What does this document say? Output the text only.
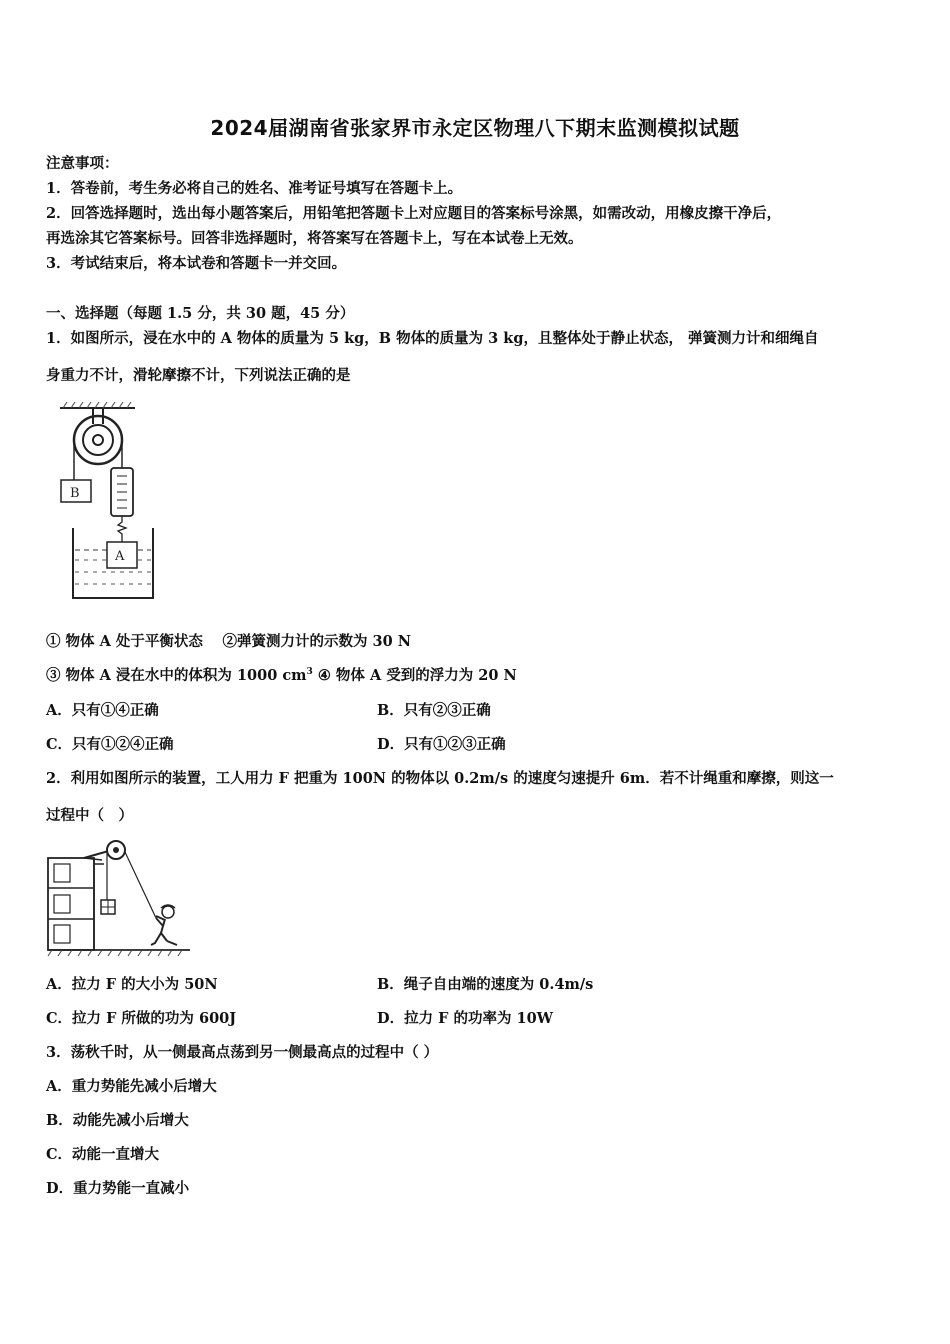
2024届湖南省张家界市永定区物理八下期末监测模拟试题
注意事项：
1．答卷前，考生务必将自己的姓名、准考证号填写在答题卡上。
2．回答选择题时，选出每小题答案后，用铅笔把答题卡上对应题目的答案标号涂黑，如需改动，用橡皮擦干净后，
再选涂其它答案标号。回答非选择题时，将答案写在答题卡上，写在本试卷上无效。
3．考试结束后，将本试卷和答题卡一并交回。
一、选择题（每题 1.5 分，共 30 题，45 分）
1．如图所示，浸在水中的 A 物体的质量为 5 kg，B 物体的质量为 3 kg，且整体处于静止状态， 弹簧测力计和细绳自
身重力不计，滑轮摩擦不计，下列说法正确的是
B
A
① 物体 A 处于平衡状态　 ②弹簧测力计的示数为 30 N
③ 物体 A 浸在水中的体积为 1000 $cm^3$ ④ 物体 A 受到的浮力为 20 N
A．只有①④正确	B．只有②③正确
C．只有①②④正确	D．只有①②③正确
2．利用如图所示的装置，工人用力 F 把重为 100N 的物体以 0.2m/s 的速度匀速提升 6m．若不计绳重和摩擦，则这一
过程中（　）
A．拉力 F 的大小为 50N	B．绳子自由端的速度为 0.4m/s
C．拉力 F 所做的功为 600J	D．拉力 F 的功率为 10W
3．荡秋千时，从一侧最高点荡到另一侧最高点的过程中（ ）
A．重力势能先减小后增大
B．动能先减小后增大
C．动能一直增大
D．重力势能一直减小
